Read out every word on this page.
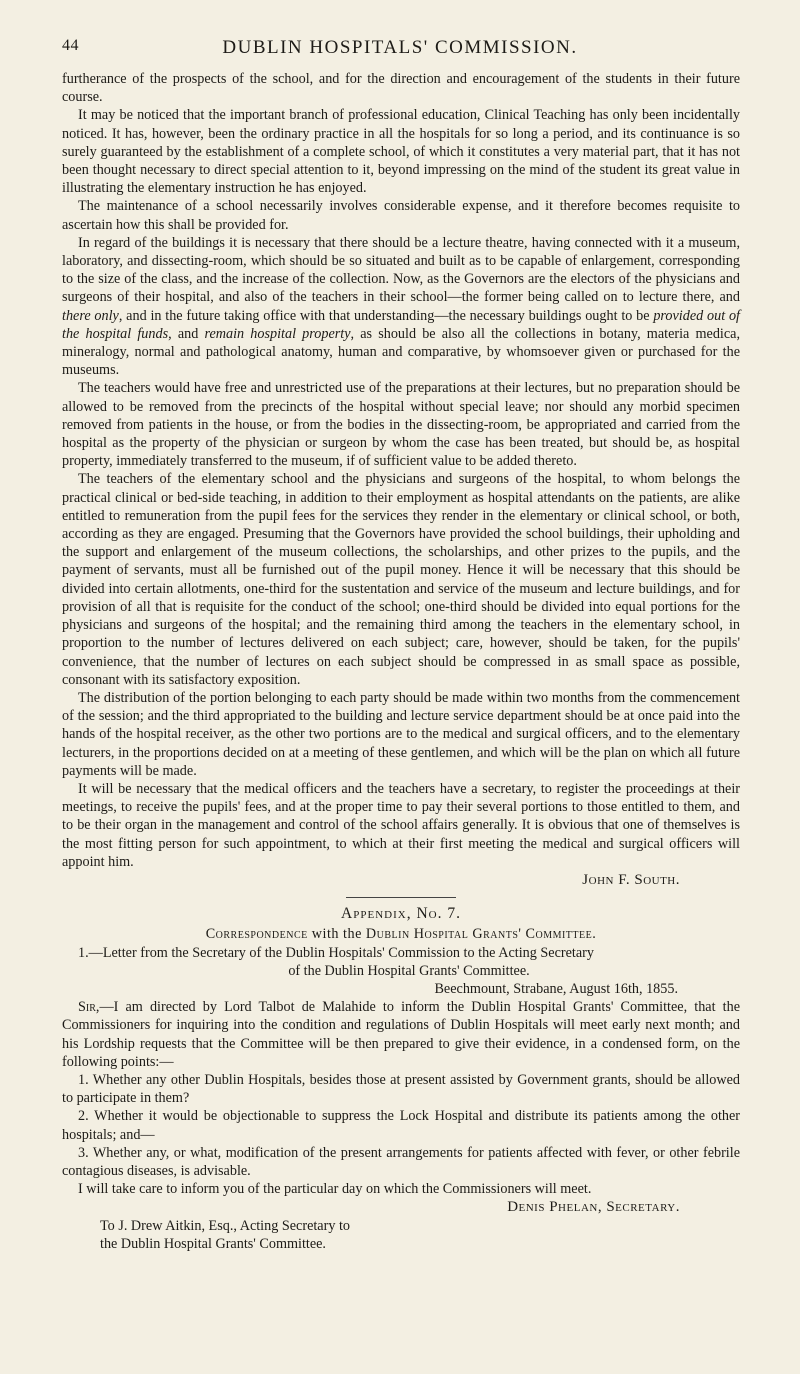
44	DUBLIN HOSPITALS' COMMISSION.

furtherance of the prospects of the school, and for the direction and encouragement of the students in their future course.

It may be noticed that the important branch of professional education, Clinical Teaching has only been incidentally noticed. It has, however, been the ordinary practice in all the hospitals for so long a period, and its continuance is so surely guaranteed by the establishment of a complete school, of which it constitutes a very material part, that it has not been thought necessary to direct special attention to it, beyond impressing on the mind of the student its great value in illustrating the elementary instruction he has enjoyed.

The maintenance of a school necessarily involves considerable expense, and it therefore becomes requisite to ascertain how this shall be provided for.

In regard of the buildings it is necessary that there should be a lecture theatre, having connected with it a museum, laboratory, and dissecting-room, which should be so situated and built as to be capable of enlargement, corresponding to the size of the class, and the increase of the collection. Now, as the Governors are the electors of the physicians and surgeons of their hospital, and also of the teachers in their school—the former being called on to lecture there, and there only, and in the future taking office with that understanding—the necessary buildings ought to be provided out of the hospital funds, and remain hospital property, as should be also all the collections in botany, materia medica, mineralogy, normal and pathological anatomy, human and comparative, by whomsoever given or purchased for the museums.

The teachers would have free and unrestricted use of the preparations at their lectures, but no preparation should be allowed to be removed from the precincts of the hospital without special leave; nor should any morbid specimen removed from patients in the house, or from the bodies in the dissecting-room, be appropriated and carried from the hospital as the property of the physician or surgeon by whom the case has been treated, but should be, as hospital property, immediately transferred to the museum, if of sufficient value to be added thereto.

The teachers of the elementary school and the physicians and surgeons of the hospital, to whom belongs the practical clinical or bed-side teaching, in addition to their employment as hospital attendants on the patients, are alike entitled to remuneration from the pupil fees for the services they render in the elementary or clinical school, or both, according as they are engaged. Presuming that the Governors have provided the school buildings, their upholding and the support and enlargement of the museum collections, the scholarships, and other prizes to the pupils, and the payment of servants, must all be furnished out of the pupil money. Hence it will be necessary that this should be divided into certain allotments, one-third for the sustentation and service of the museum and lecture buildings, and for provision of all that is requisite for the conduct of the school; one-third should be divided into equal portions for the physicians and surgeons of the hospital; and the remaining third among the teachers in the elementary school, in proportion to the number of lectures delivered on each subject; care, however, should be taken, for the pupils' convenience, that the number of lectures on each subject should be compressed in as small space as possible, consonant with its satisfactory exposition.

The distribution of the portion belonging to each party should be made within two months from the commencement of the session; and the third appropriated to the building and lecture service department should be at once paid into the hands of the hospital receiver, as the other two portions are to the medical and surgical officers, and to the elementary lecturers, in the proportions decided on at a meeting of these gentlemen, and which will be the plan on which all future payments will be made.

It will be necessary that the medical officers and the teachers have a secretary, to register the proceedings at their meetings, to receive the pupils' fees, and at the proper time to pay their several portions to those entitled to them, and to be their organ in the management and control of the school affairs generally. It is obvious that one of themselves is the most fitting person for such appointment, to which at their first meeting the medical and surgical officers will appoint him.

John F. South.
Appendix, No. 7.
Correspondence with the Dublin Hospital Grants' Committee.

1.—Letter from the Secretary of the Dublin Hospitals' Commission to the Acting Secretary

of the Dublin Hospital Grants' Committee.

Beechmount, Strabane, August 16th, 1855.

Sir,—I am directed by Lord Talbot de Malahide to inform the Dublin Hospital Grants' Committee, that the Commissioners for inquiring into the condition and regulations of Dublin Hospitals will meet early next month; and his Lordship requests that the Committee will be then prepared to give their evidence, in a condensed form, on the following points:—

1. Whether any other Dublin Hospitals, besides those at present assisted by Government grants, should be allowed to participate in them?

2. Whether it would be objectionable to suppress the Lock Hospital and distribute its patients among the other hospitals; and—

3. Whether any, or what, modification of the present arrangements for patients affected with fever, or other febrile contagious diseases, is advisable.

I will take care to inform you of the particular day on which the Commissioners will meet.

Denis Phelan, Secretary.

To J. Drew Aitkin, Esq., Acting Secretary to

the Dublin Hospital Grants' Committee.
